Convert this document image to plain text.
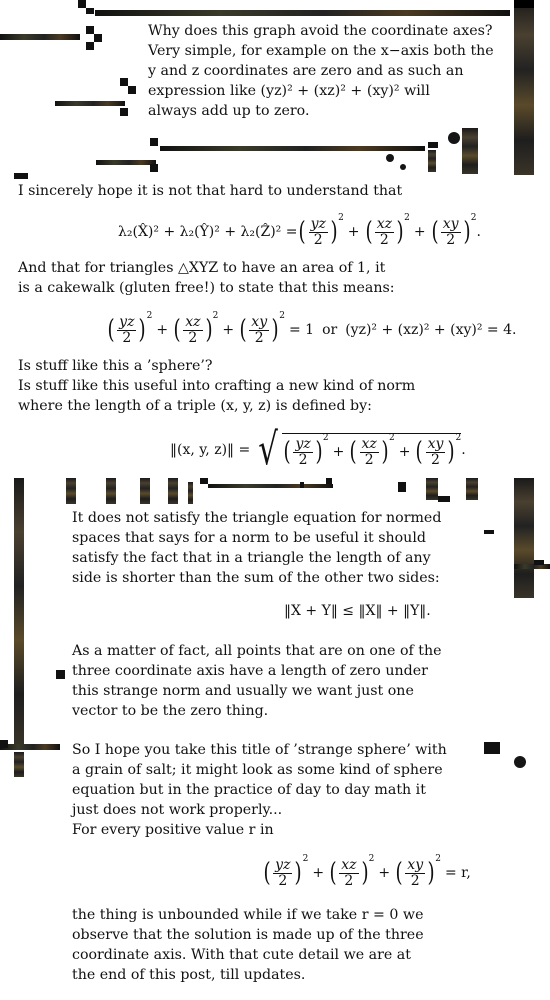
Why does this graph avoid the coordinate axes?
Very simple, for example on the x−axis both the
y and z coordinates are zero and as such an
expression like (yz)² + (xz)² + (xy)² will
always add up to zero.
I sincerely hope it is not that hard to understand that
λ₂(X̂)² + λ₂(Ŷ)² + λ₂(Ẑ)² = ( $\frac{yz}{2}$ ) 2
+ ( $\frac{xz}{2}$ ) 2
+ ( $\frac{xy}{2}$ ) 2
.
And that for triangles △XYZ to have an area of 1, it
is a cakewalk (gluten free!) to state that this means:
( $\frac{yz}{2}$ ) 2
+ ( $\frac{xz}{2}$ ) 2
+ ( $\frac{xy}{2}$ ) 2
= 1 or (yz)² + (xz)² + (xy)² = 4.
Is stuff like this a ’sphere’?
Is stuff like this useful into crafting a new kind of norm
where the length of a triple (x, y, z) is defined by:
‖(x, y, z)‖ = √ ( $\frac{yz}{2}$ ) 2
+ ( $\frac{xz}{2}$ ) 2
+ ( $\frac{xy}{2}$ ) 2
.
It does not satisfy the triangle equation for normed
spaces that says for a norm to be useful it should
satisfy the fact that in a triangle the length of any
side is shorter than the sum of the other two sides:
‖X + Y‖ ≤ ‖X‖ + ‖Y‖.
As a matter of fact, all points that are on one of the
three coordinate axis have a length of zero under
this strange norm and usually we want just one
vector to be the zero thing.
So I hope you take this title of ’strange sphere’ with
a grain of salt; it might look as some kind of sphere
equation but in the practice of day to day math it
just does not work properly...
For every positive value r in
( $\frac{yz}{2}$ ) 2
+ ( $\frac{xz}{2}$ ) 2
+ ( $\frac{xy}{2}$ ) 2
= r,
the thing is unbounded while if we take r = 0 we
observe that the solution is made up of the three
coordinate axis. With that cute detail we are at
the end of this post, till updates.
